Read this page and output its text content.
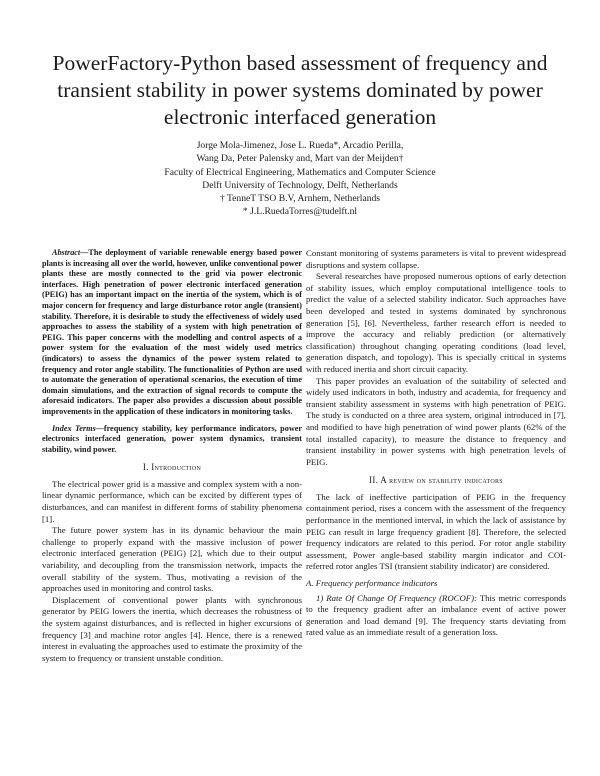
PowerFactory-Python based assessment of frequency and transient stability in power systems dominated by power electronic interfaced generation
Jorge Mola-Jimenez, Jose L. Rueda*, Arcadio Perilla,
Wang Da, Peter Palensky and, Mart van der Meijden†
Faculty of Electrical Engineering, Mathematics and Computer Science
Delft University of Technology, Delft, Netherlands
† TenneT TSO B.V, Arnhem, Netherlands
* J.L.RuedaTorres@tudelft.nl

Abstract—The deployment of variable renewable energy based power plants is increasing all over the world, however, unlike conventional power plants these are mostly connected to the grid via power electronic interfaces. High penetration of power electronic interfaced generation (PEIG) has an important impact on the inertia of the system, which is of major concern for frequency and large disturbance rotor angle (transient) stability. Therefore, it is desirable to study the effectiveness of widely used approaches to assess the stability of a system with high penetration of PEIG. This paper concerns with the modelling and control aspects of a power system for the evaluation of the most widely used metrics (indicators) to assess the dynamics of the power system related to frequency and rotor angle stability. The functionalities of Python are used to automate the generation of operational scenarios, the execution of time domain simulations, and the extraction of signal records to compute the aforesaid indicators. The paper also provides a discussion about possible improvements in the application of these indicators in monitoring tasks.

Index Terms—frequency stability, key performance indicators, power electronics interfaced generation, power system dynamics, transient stability, wind power.

I. Introduction

The electrical power grid is a massive and complex system with a non-linear dynamic performance, which can be excited by different types of disturbances, and can manifest in different forms of stability phenomena [1].

The future power system has in its dynamic behaviour the main challenge to properly expand with the massive inclusion of power electronic interfaced generation (PEIG) [2], which due to their output variability, and decoupling from the transmission network, impacts the overall stability of the system. Thus, motivating a revision of the approaches used in monitoring and control tasks.

Displacement of conventional power plants with synchronous generator by PEIG lowers the inertia, which decreases the robustness of the system against disturbances, and is reflected in higher excursions of frequency [3] and machine rotor angles [4]. Hence, there is a renewed interest in evaluating the approaches used to estimate the proximity of the system to frequency or transient unstable condition.

Constant monitoring of systems parameters is vital to prevent widespread disruptions and system collapse.

Several researches have proposed numerous options of early detection of stability issues, which employ computational intelligence tools to predict the value of a selected stability indicator. Such approaches have been developed and tested in systems dominated by synchronous generation [5], [6]. Nevertheless, farther research effort is needed to improve the accuracy and reliably prediction (or alternatively classification) throughout changing operating conditions (load level, generation dispatch, and topology). This is specially critical in systems with reduced inertia and short circuit capacity.

This paper provides an evaluation of the suitability of selected and widely used indicators in both, industry and academia, for frequency and transient stability assessment in systems with high penetration of PEIG. The study is conducted on a three area system, original introduced in [7], and modified to have high penetration of wind power plants (62% of the total installed capacity), to measure the distance to frequency and transient instability in power systems with high penetration levels of PEIG.

II. A review on stability indicators

The lack of ineffective participation of PEIG in the frequency containment period, rises a concern with the assessment of the frequency performance in the mentioned interval, in which the lack of assistance by PEIG can result in large frequency gradient [8]. Therefore, the selected frequency indicators are related to this period. For rotor angle stability assessment, Power angle-based stability margin indicator and COI-referred rotor angles TSI (transient stability indicator) are considered.

A. Frequency performance indicators

1) Rate Of Change Of Frequency (ROCOF): This metric corresponds to the frequency gradient after an imbalance event of active power generation and load demand [9]. The frequency starts deviating from rated value as an immediate result of a generation loss.
